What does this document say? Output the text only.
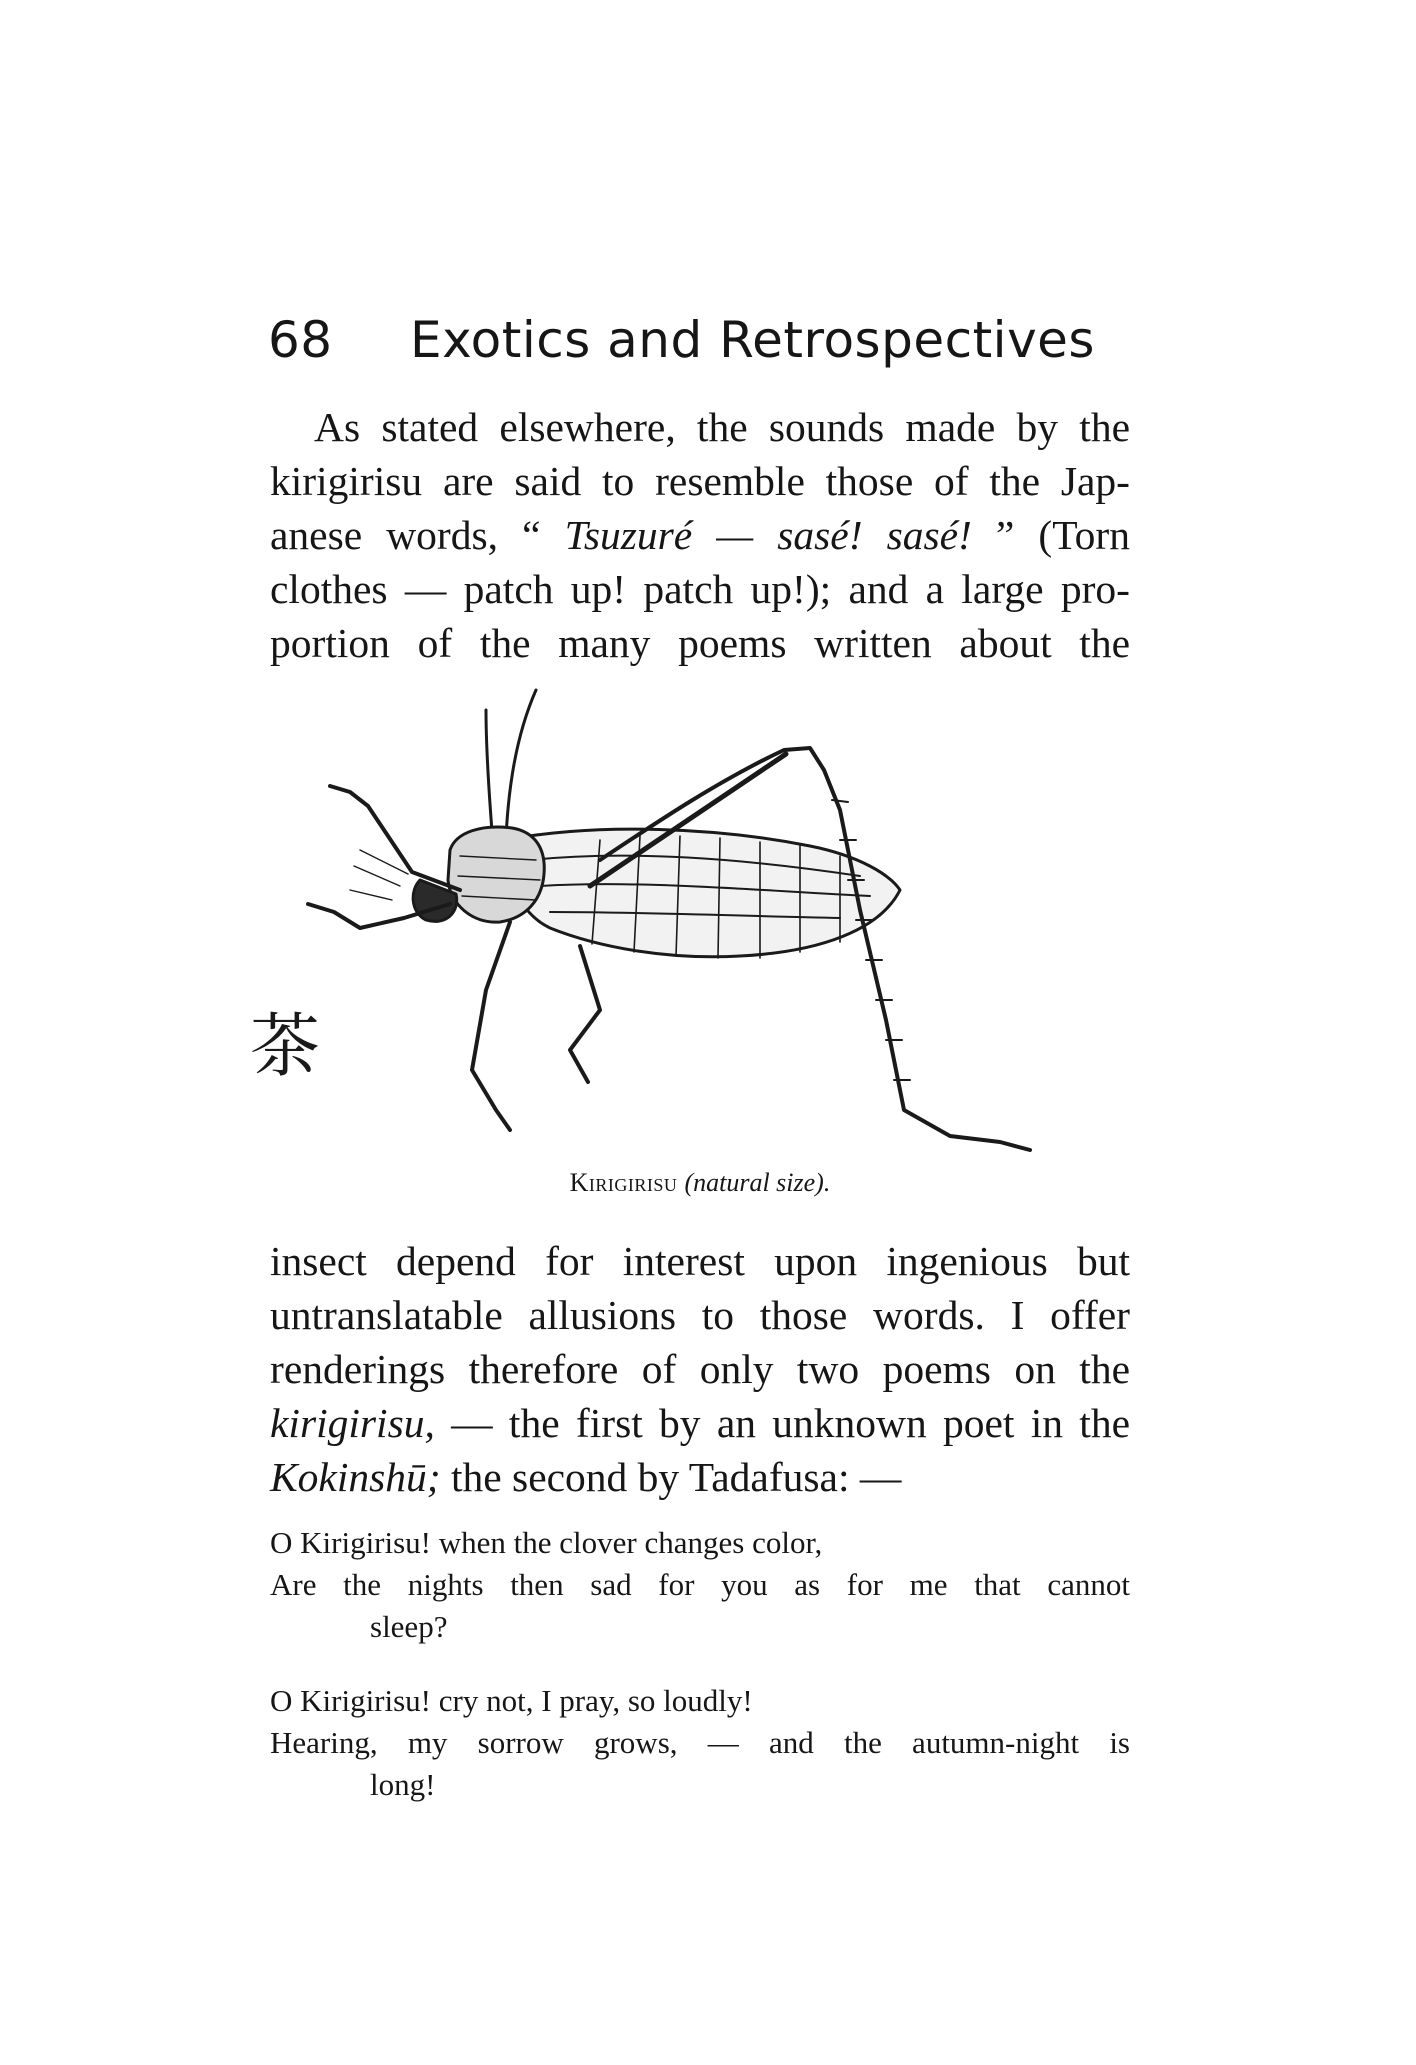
68 Exotics and Retrospectives
As stated elsewhere, the sounds made by the
kirigirisu are said to resemble those of the Jap-
anese words, “ Tsuzuré — sasé! sasé! ” (Torn
clothes — patch up! patch up!); and a large pro-
portion of the many poems written about the
茶
Kirigirisu (natural size).
insect depend for interest upon ingenious but
untranslatable allusions to those words. I offer
renderings therefore of only two poems on the
kirigirisu, — the first by an unknown poet in the
Kokinshū; the second by Tadafusa: —
O Kirigirisu! when the clover changes color,
Are the nights then sad for you as for me that cannot
sleep?
O Kirigirisu! cry not, I pray, so loudly!
Hearing, my sorrow grows, — and the autumn-night is
long!
